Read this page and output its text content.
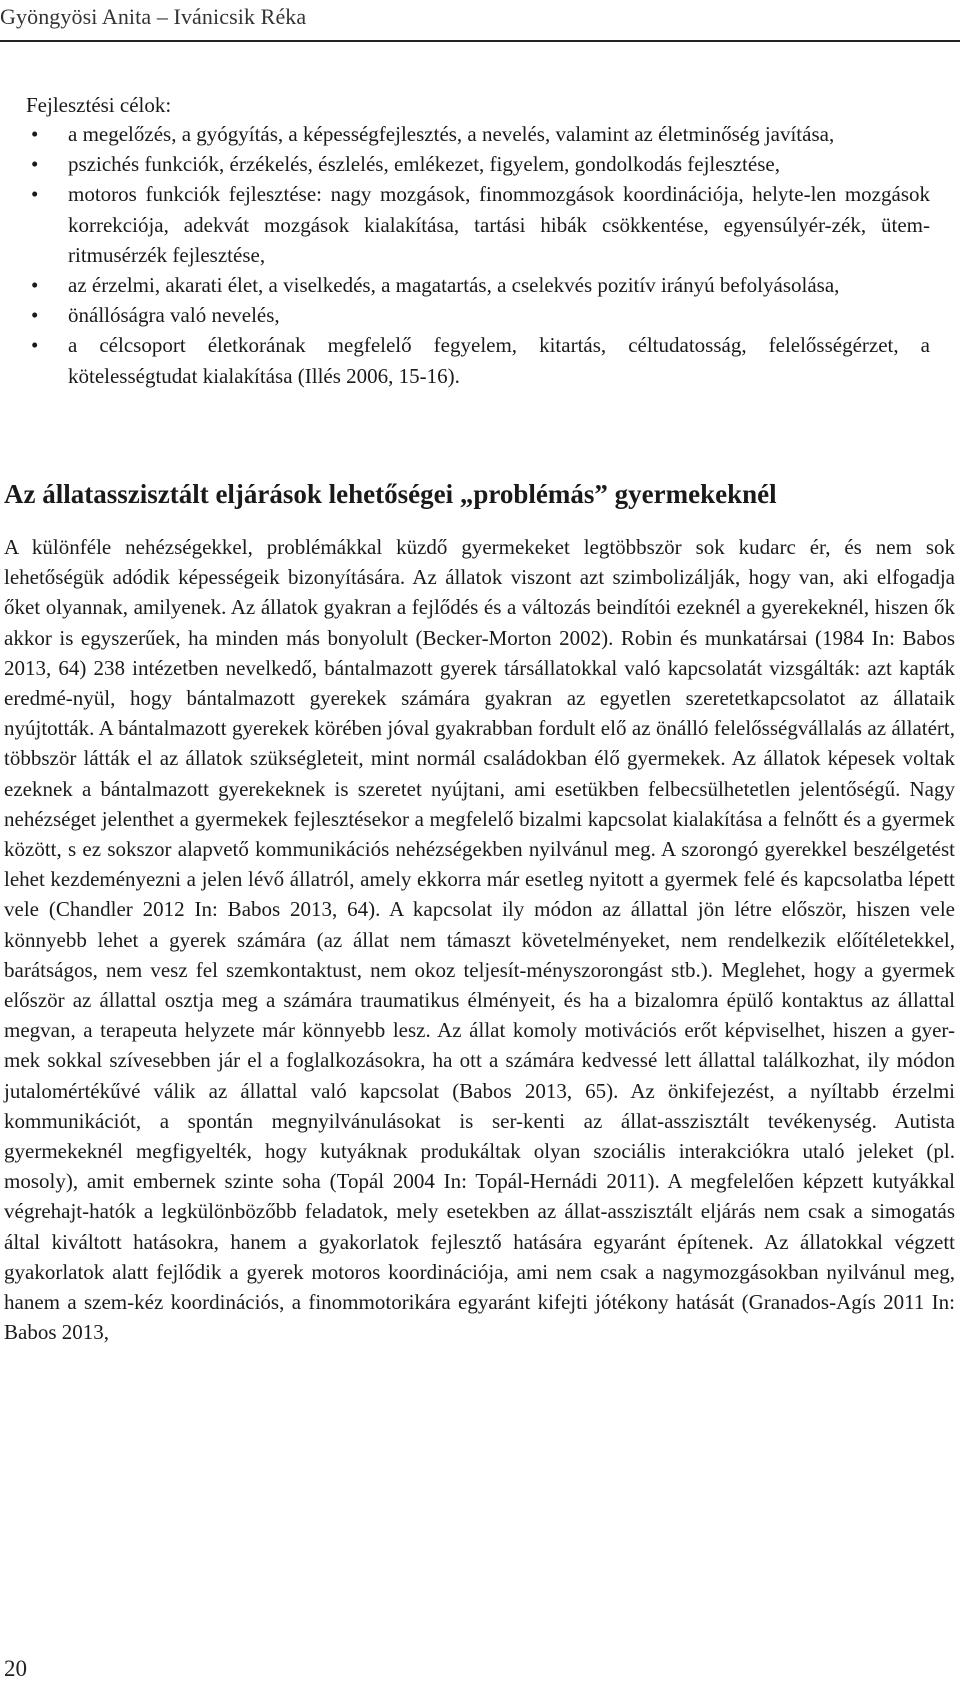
Gyöngyösi Anita – Ivánicsik Réka

Fejlesztési célok:

• a megelőzés, a gyógyítás, a képességfejlesztés, a nevelés, valamint az életminőség javítása,
• pszichés funkciók, érzékelés, észlelés, emlékezet, figyelem, gondolkodás fejlesztése,
• motoros funkciók fejlesztése: nagy mozgások, finommozgások koordinációja, helyte-len mozgások korrekciója, adekvát mozgások kialakítása, tartási hibák csökkentése, egyensúlyér-zék, ütem- ritmusérzék fejlesztése,
• az érzelmi, akarati élet, a viselkedés, a magatartás, a cselekvés pozitív irányú befolyásolása,
• önállóságra való nevelés,
• a célcsoport életkorának megfelelő fegyelem, kitartás, céltudatosság, felelősségérzet, a kötelességtudat kialakítása (Illés 2006, 15-16).
Az állatasszisztált eljárások lehetőségei „problémás” gyermekeknél

A különféle nehézségekkel, problémákkal küzdő gyermekeket legtöbbször sok kudarc ér, és nem sok lehetőségük adódik képességeik bizonyítására. Az állatok viszont azt szimbolizálják, hogy van, aki elfogadja őket olyannak, amilyenek. Az állatok gyakran a fejlődés és a változás beindítói ezeknél a gyerekeknél, hiszen ők akkor is egyszerűek, ha minden más bonyolult (Becker-Morton 2002). Robin és munkatársai (1984 In: Babos 2013, 64) 238 intézetben nevelkedő, bántalmazott gyerek társállatokkal való kapcsolatát vizsgálták: azt kapták eredmé-nyül, hogy bántalmazott gyerekek számára gyakran az egyetlen szeretetkapcsolatot az állataik nyújtották. A bántalmazott gyerekek körében jóval gyakrabban fordult elő az önálló felelősségvállalás az állatért, többször látták el az állatok szükségleteit, mint normál családokban élő gyermekek. Az állatok képesek voltak ezeknek a bántalmazott gyerekeknek is szeretet nyújtani, ami esetükben felbecsülhetetlen jelentőségű. Nagy nehézséget jelenthet a gyermekek fejlesztésekor a megfelelő bizalmi kapcsolat kialakítása a felnőtt és a gyermek között, s ez sokszor alapvető kommunikációs nehézségekben nyilvánul meg. A szorongó gyerekkel beszélgetést lehet kezdeményezni a jelen lévő állatról, amely ekkorra már esetleg nyitott a gyermek felé és kapcsolatba lépett vele (Chandler 2012 In: Babos 2013, 64). A kapcsolat ily módon az állattal jön létre először, hiszen vele könnyebb lehet a gyerek számára (az állat nem támaszt követelményeket, nem rendelkezik előítéletekkel, barátságos, nem vesz fel szemkontaktust, nem okoz teljesít-ményszorongást stb.). Meglehet, hogy a gyermek először az állattal osztja meg a számára traumatikus élményeit, és ha a bizalomra épülő kontaktus az állattal megvan, a terapeuta helyzete már könnyebb lesz. Az állat komoly motivációs erőt képviselhet, hiszen a gyer-mek sokkal szívesebben jár el a foglalkozásokra, ha ott a számára kedvessé lett állattal találkozhat, ily módon jutalomértékűvé válik az állattal való kapcsolat (Babos 2013, 65). Az önkifejezést, a nyíltabb érzelmi kommunikációt, a spontán megnyilvánulásokat is ser-kenti az állat-asszisztált tevékenység. Autista gyermekeknél megfigyelték, hogy kutyáknak produkáltak olyan szociális interakciókra utaló jeleket (pl. mosoly), amit embernek szinte soha (Topál 2004 In: Topál-Hernádi 2011). A megfelelően képzett kutyákkal végrehajt-hatók a legkülönbözőbb feladatok, mely esetekben az állat-asszisztált eljárás nem csak a simogatás által kiváltott hatásokra, hanem a gyakorlatok fejlesztő hatására egyaránt építenek. Az állatokkal végzett gyakorlatok alatt fejlődik a gyerek motoros koordinációja, ami nem csak a nagymozgásokban nyilvánul meg, hanem a szem-kéz koordinációs, a finommotorikára egyaránt kifejti jótékony hatását (Granados-Agís 2011 In: Babos 2013,

20
